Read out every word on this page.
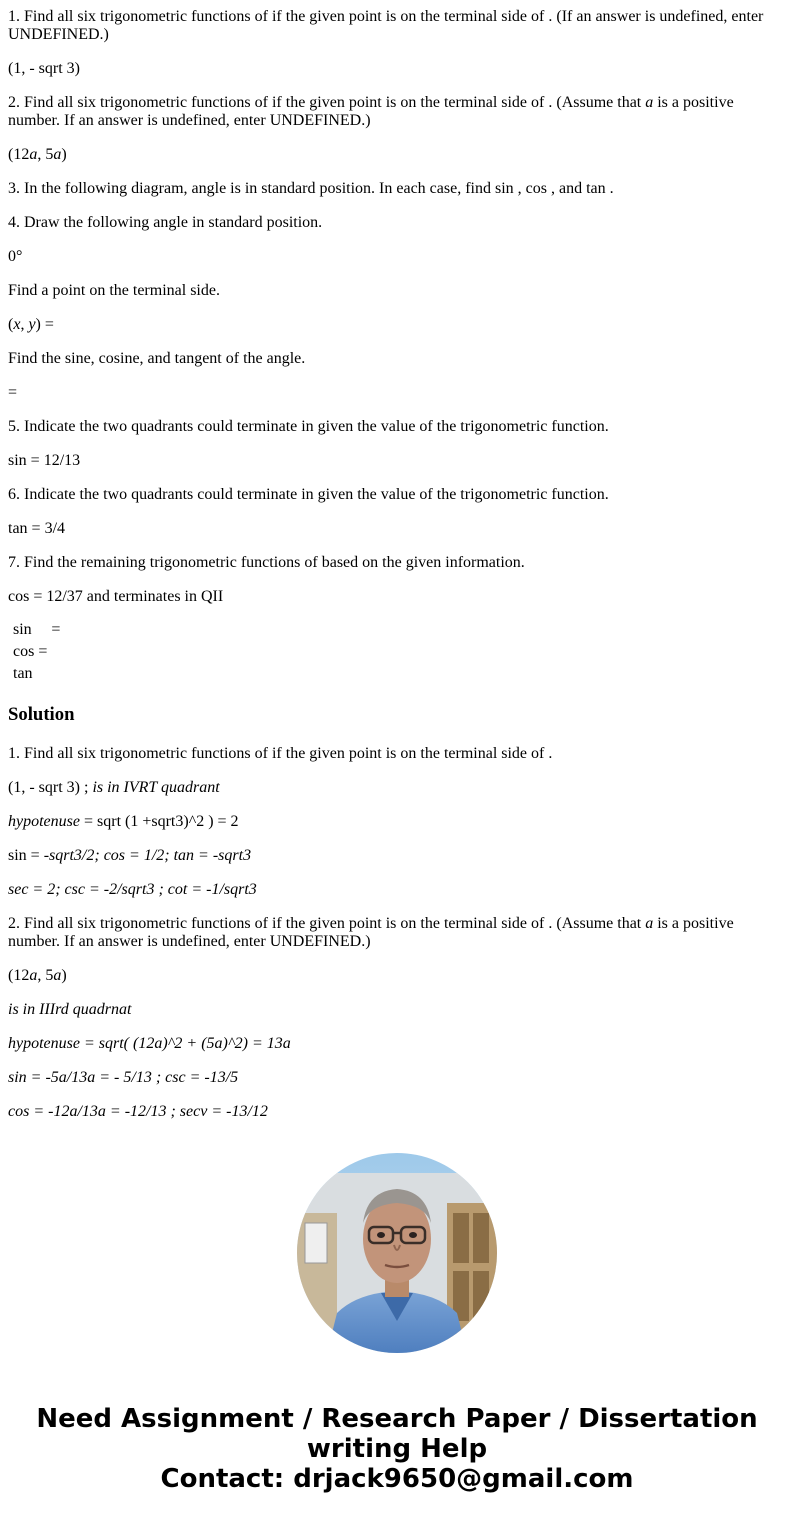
1. Find all six trigonometric functions of if the given point is on the terminal side of . (If an answer is undefined, enter UNDEFINED.)

(1, - sqrt 3)

2. Find all six trigonometric functions of if the given point is on the terminal side of . (Assume that a is a positive number. If an answer is undefined, enter UNDEFINED.)

(12a, 5a)

3. In the following diagram, angle is in standard position. In each case, find sin , cos , and tan .

4. Draw the following angle in standard position.

0°

Find a point on the terminal side.

(x, y) =

Find the sine, cosine, and tangent of the angle.

=

5. Indicate the two quadrants could terminate in given the value of the trigonometric function.

sin = 12/13

6. Indicate the two quadrants could terminate in given the value of the trigonometric function.

tan = 3/4

7. Find the remaining trigonometric functions of based on the given information.

cos = 12/37 and terminates in QII

sin	=
cos =	
tan	
Solution

1. Find all six trigonometric functions of if the given point is on the terminal side of .

(1, - sqrt 3) ; is in IVRT quadrant

hypotenuse = sqrt (1 +sqrt3)^2 ) = 2

sin = -sqrt3/2; cos = 1/2; tan = -sqrt3

sec = 2; csc = -2/sqrt3 ; cot = -1/sqrt3

2. Find all six trigonometric functions of if the given point is on the terminal side of . (Assume that a is a positive number. If an answer is undefined, enter UNDEFINED.)

(12a, 5a)

is in IIIrd quadrnat

hypotenuse = sqrt( (12a)^2 + (5a)^2) = 13a

sin = -5a/13a = - 5/13 ; csc = -13/5

cos = -12a/13a = -12/13 ; secv = -13/12

Need Assignment / Research Paper / Dissertation
writing Help
Contact: drjack9650@gmail.com
